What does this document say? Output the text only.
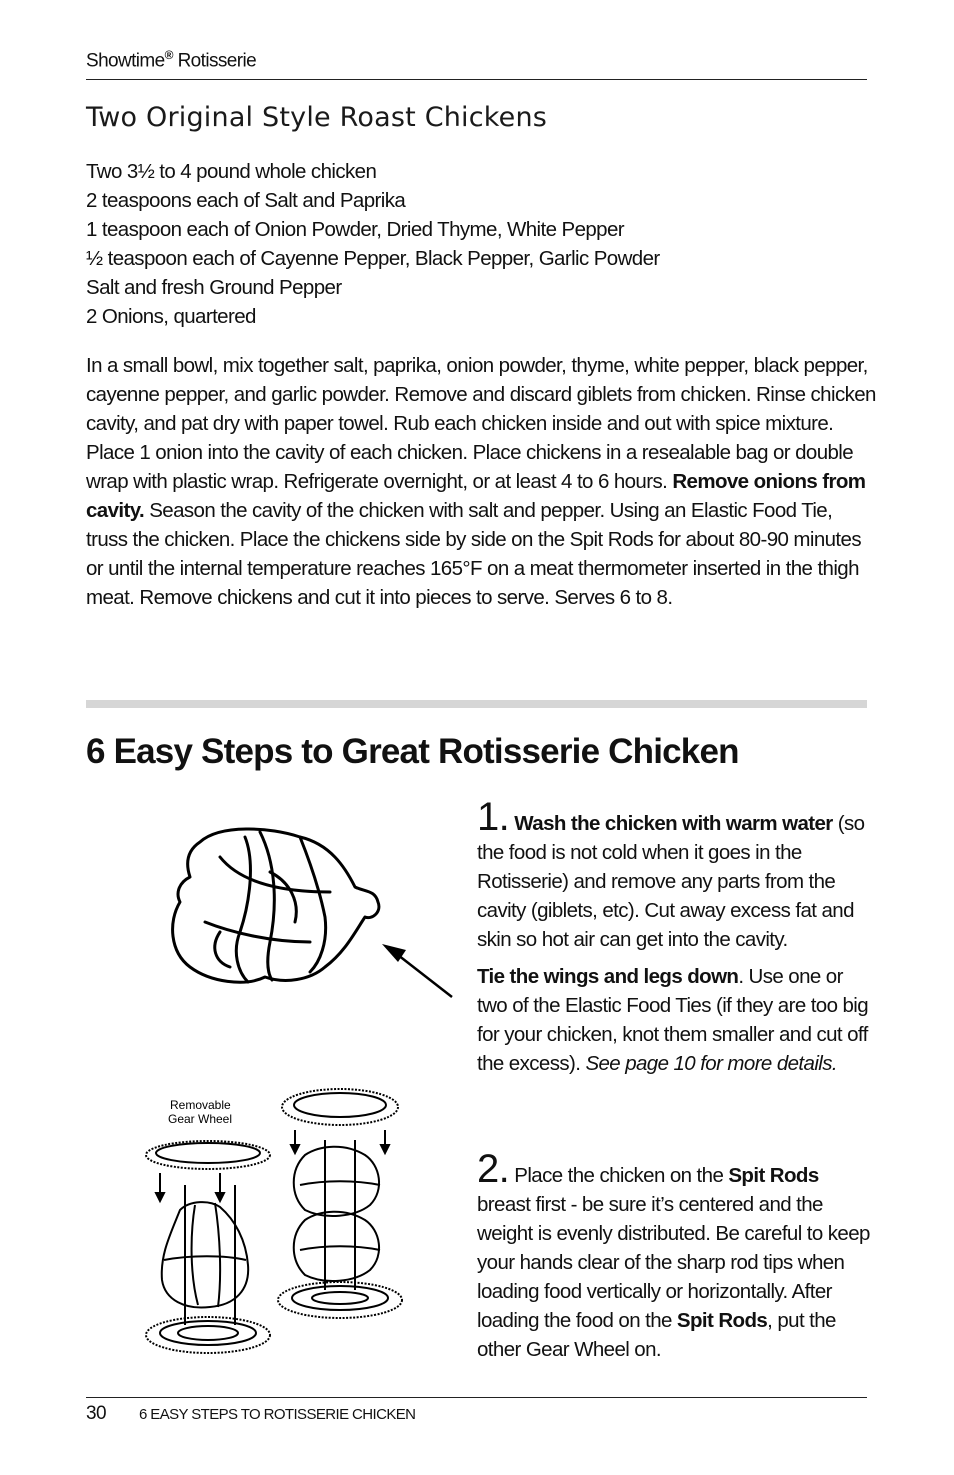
Showtime® Rotisserie
Two Original Style Roast Chickens
Two 3½ to 4 pound whole chicken
2 teaspoons each of Salt and Paprika
1 teaspoon each of Onion Powder, Dried Thyme, White Pepper
½ teaspoon each of Cayenne Pepper, Black Pepper, Garlic Powder
Salt and fresh Ground Pepper
2 Onions, quartered

In a small bowl, mix together salt, paprika, onion powder, thyme, white pepper, black pepper, cayenne pepper, and garlic powder. Remove and discard giblets from chicken. Rinse chicken cavity, and pat dry with paper towel. Rub each chicken inside and out with spice mixture. Place 1 onion into the cavity of each chicken. Place chickens in a resealable bag or double wrap with plastic wrap. Refrigerate overnight, or at least 4 to 6 hours. Remove onions from cavity. Season the cavity of the chicken with salt and pepper. Using an Elastic Food Tie, truss the chicken. Place the chickens side by side on the Spit Rods for about 80-90 minutes or until the internal temperature reaches 165°F on a meat thermometer inserted in the thigh meat. Remove chickens and cut it into pieces to serve. Serves 6 to 8.

6 Easy Steps to Great Rotisserie Chicken
Removable
Gear Wheel

1. Wash the chicken with warm water (so the food is not cold when it goes in the Rotisserie) and remove any parts from the cavity (giblets, etc). Cut away excess fat and skin so hot air can get into the cavity.

Tie the wings and legs down. Use one or two of the Elastic Food Ties (if they are too big for your chicken, knot them smaller and cut off the excess). See page 10 for more details.

2. Place the chicken on the Spit Rods breast first - be sure it’s centered and the weight is evenly distributed. Be careful to keep your hands clear of the sharp rod tips when loading food vertically or horizontally. After loading the food on the Spit Rods, put the other Gear Wheel on.

30 6 EASY STEPS TO ROTISSERIE CHICKEN
